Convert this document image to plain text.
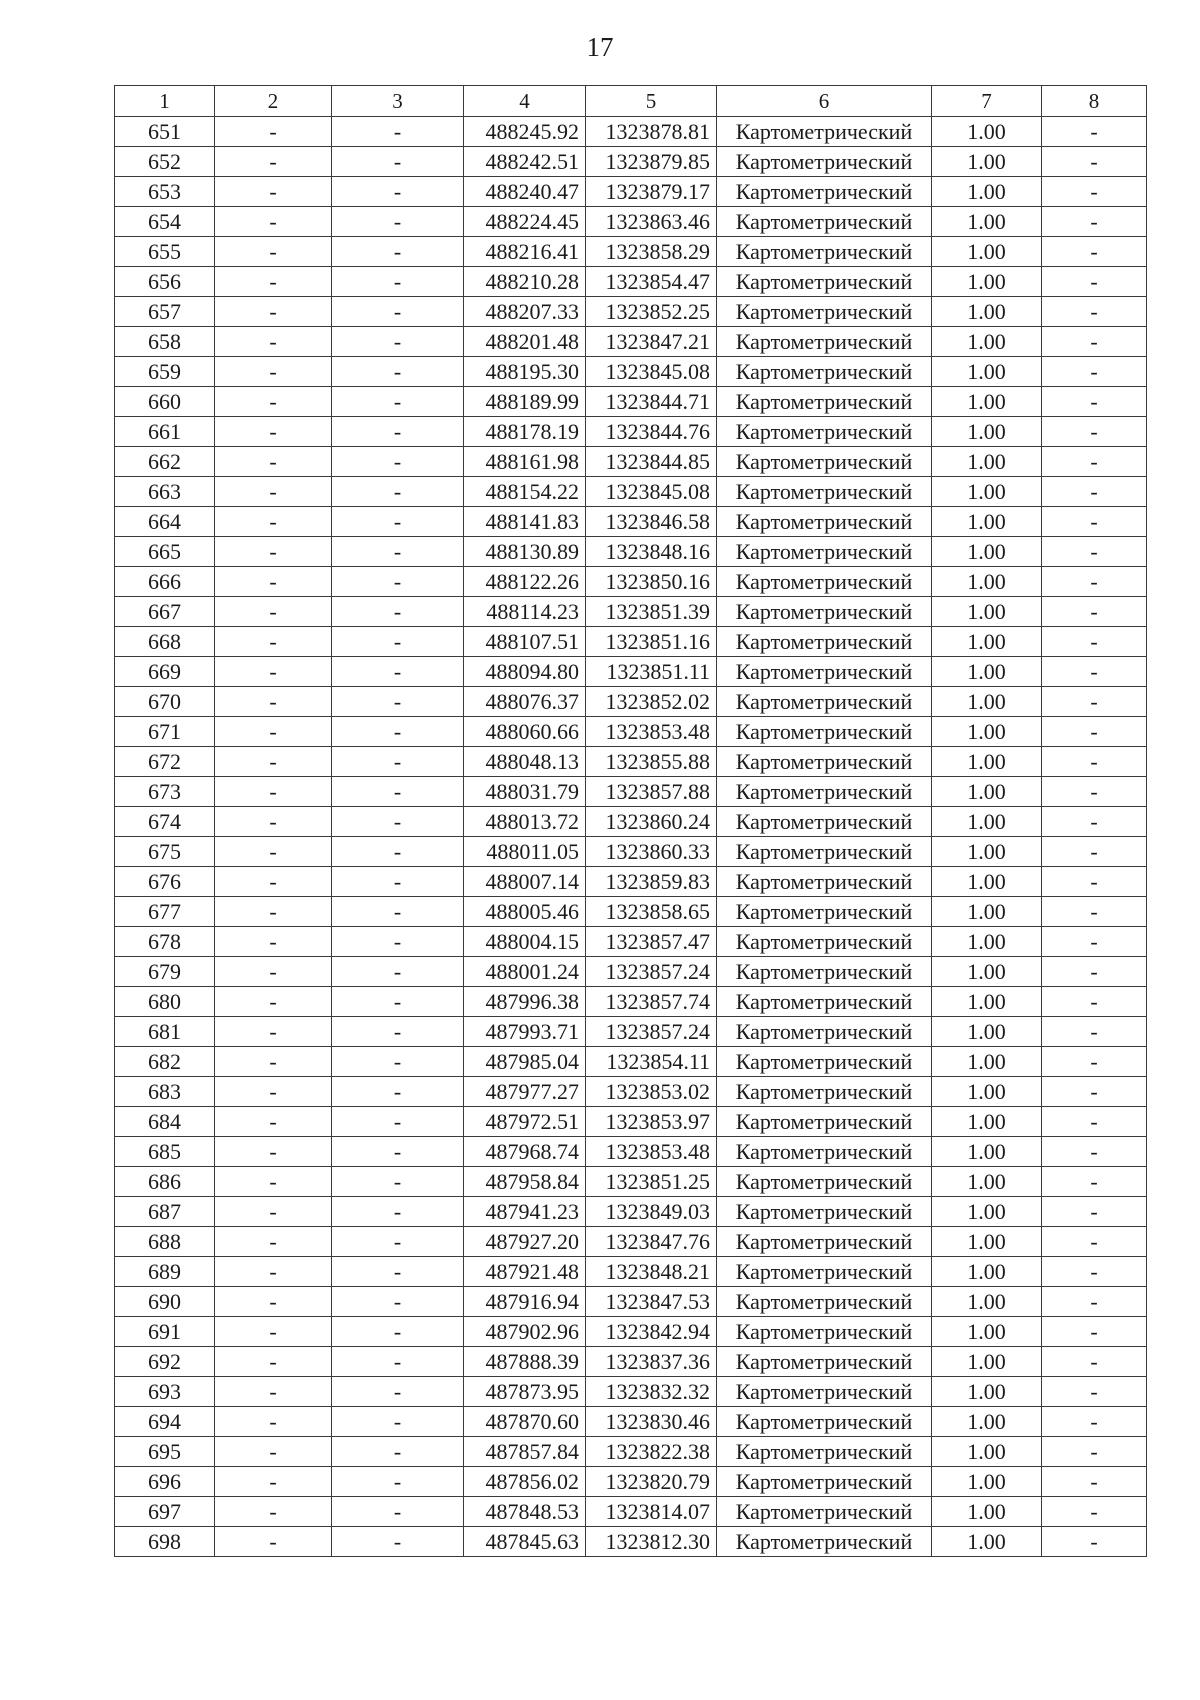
17
1	2	3	4	5	6	7	8
651	-	-	488245.92	1323878.81	Картометрический	1.00	-
652	-	-	488242.51	1323879.85	Картометрический	1.00	-
653	-	-	488240.47	1323879.17	Картометрический	1.00	-
654	-	-	488224.45	1323863.46	Картометрический	1.00	-
655	-	-	488216.41	1323858.29	Картометрический	1.00	-
656	-	-	488210.28	1323854.47	Картометрический	1.00	-
657	-	-	488207.33	1323852.25	Картометрический	1.00	-
658	-	-	488201.48	1323847.21	Картометрический	1.00	-
659	-	-	488195.30	1323845.08	Картометрический	1.00	-
660	-	-	488189.99	1323844.71	Картометрический	1.00	-
661	-	-	488178.19	1323844.76	Картометрический	1.00	-
662	-	-	488161.98	1323844.85	Картометрический	1.00	-
663	-	-	488154.22	1323845.08	Картометрический	1.00	-
664	-	-	488141.83	1323846.58	Картометрический	1.00	-
665	-	-	488130.89	1323848.16	Картометрический	1.00	-
666	-	-	488122.26	1323850.16	Картометрический	1.00	-
667	-	-	488114.23	1323851.39	Картометрический	1.00	-
668	-	-	488107.51	1323851.16	Картометрический	1.00	-
669	-	-	488094.80	1323851.11	Картометрический	1.00	-
670	-	-	488076.37	1323852.02	Картометрический	1.00	-
671	-	-	488060.66	1323853.48	Картометрический	1.00	-
672	-	-	488048.13	1323855.88	Картометрический	1.00	-
673	-	-	488031.79	1323857.88	Картометрический	1.00	-
674	-	-	488013.72	1323860.24	Картометрический	1.00	-
675	-	-	488011.05	1323860.33	Картометрический	1.00	-
676	-	-	488007.14	1323859.83	Картометрический	1.00	-
677	-	-	488005.46	1323858.65	Картометрический	1.00	-
678	-	-	488004.15	1323857.47	Картометрический	1.00	-
679	-	-	488001.24	1323857.24	Картометрический	1.00	-
680	-	-	487996.38	1323857.74	Картометрический	1.00	-
681	-	-	487993.71	1323857.24	Картометрический	1.00	-
682	-	-	487985.04	1323854.11	Картометрический	1.00	-
683	-	-	487977.27	1323853.02	Картометрический	1.00	-
684	-	-	487972.51	1323853.97	Картометрический	1.00	-
685	-	-	487968.74	1323853.48	Картометрический	1.00	-
686	-	-	487958.84	1323851.25	Картометрический	1.00	-
687	-	-	487941.23	1323849.03	Картометрический	1.00	-
688	-	-	487927.20	1323847.76	Картометрический	1.00	-
689	-	-	487921.48	1323848.21	Картометрический	1.00	-
690	-	-	487916.94	1323847.53	Картометрический	1.00	-
691	-	-	487902.96	1323842.94	Картометрический	1.00	-
692	-	-	487888.39	1323837.36	Картометрический	1.00	-
693	-	-	487873.95	1323832.32	Картометрический	1.00	-
694	-	-	487870.60	1323830.46	Картометрический	1.00	-
695	-	-	487857.84	1323822.38	Картометрический	1.00	-
696	-	-	487856.02	1323820.79	Картометрический	1.00	-
697	-	-	487848.53	1323814.07	Картометрический	1.00	-
698	-	-	487845.63	1323812.30	Картометрический	1.00	-
